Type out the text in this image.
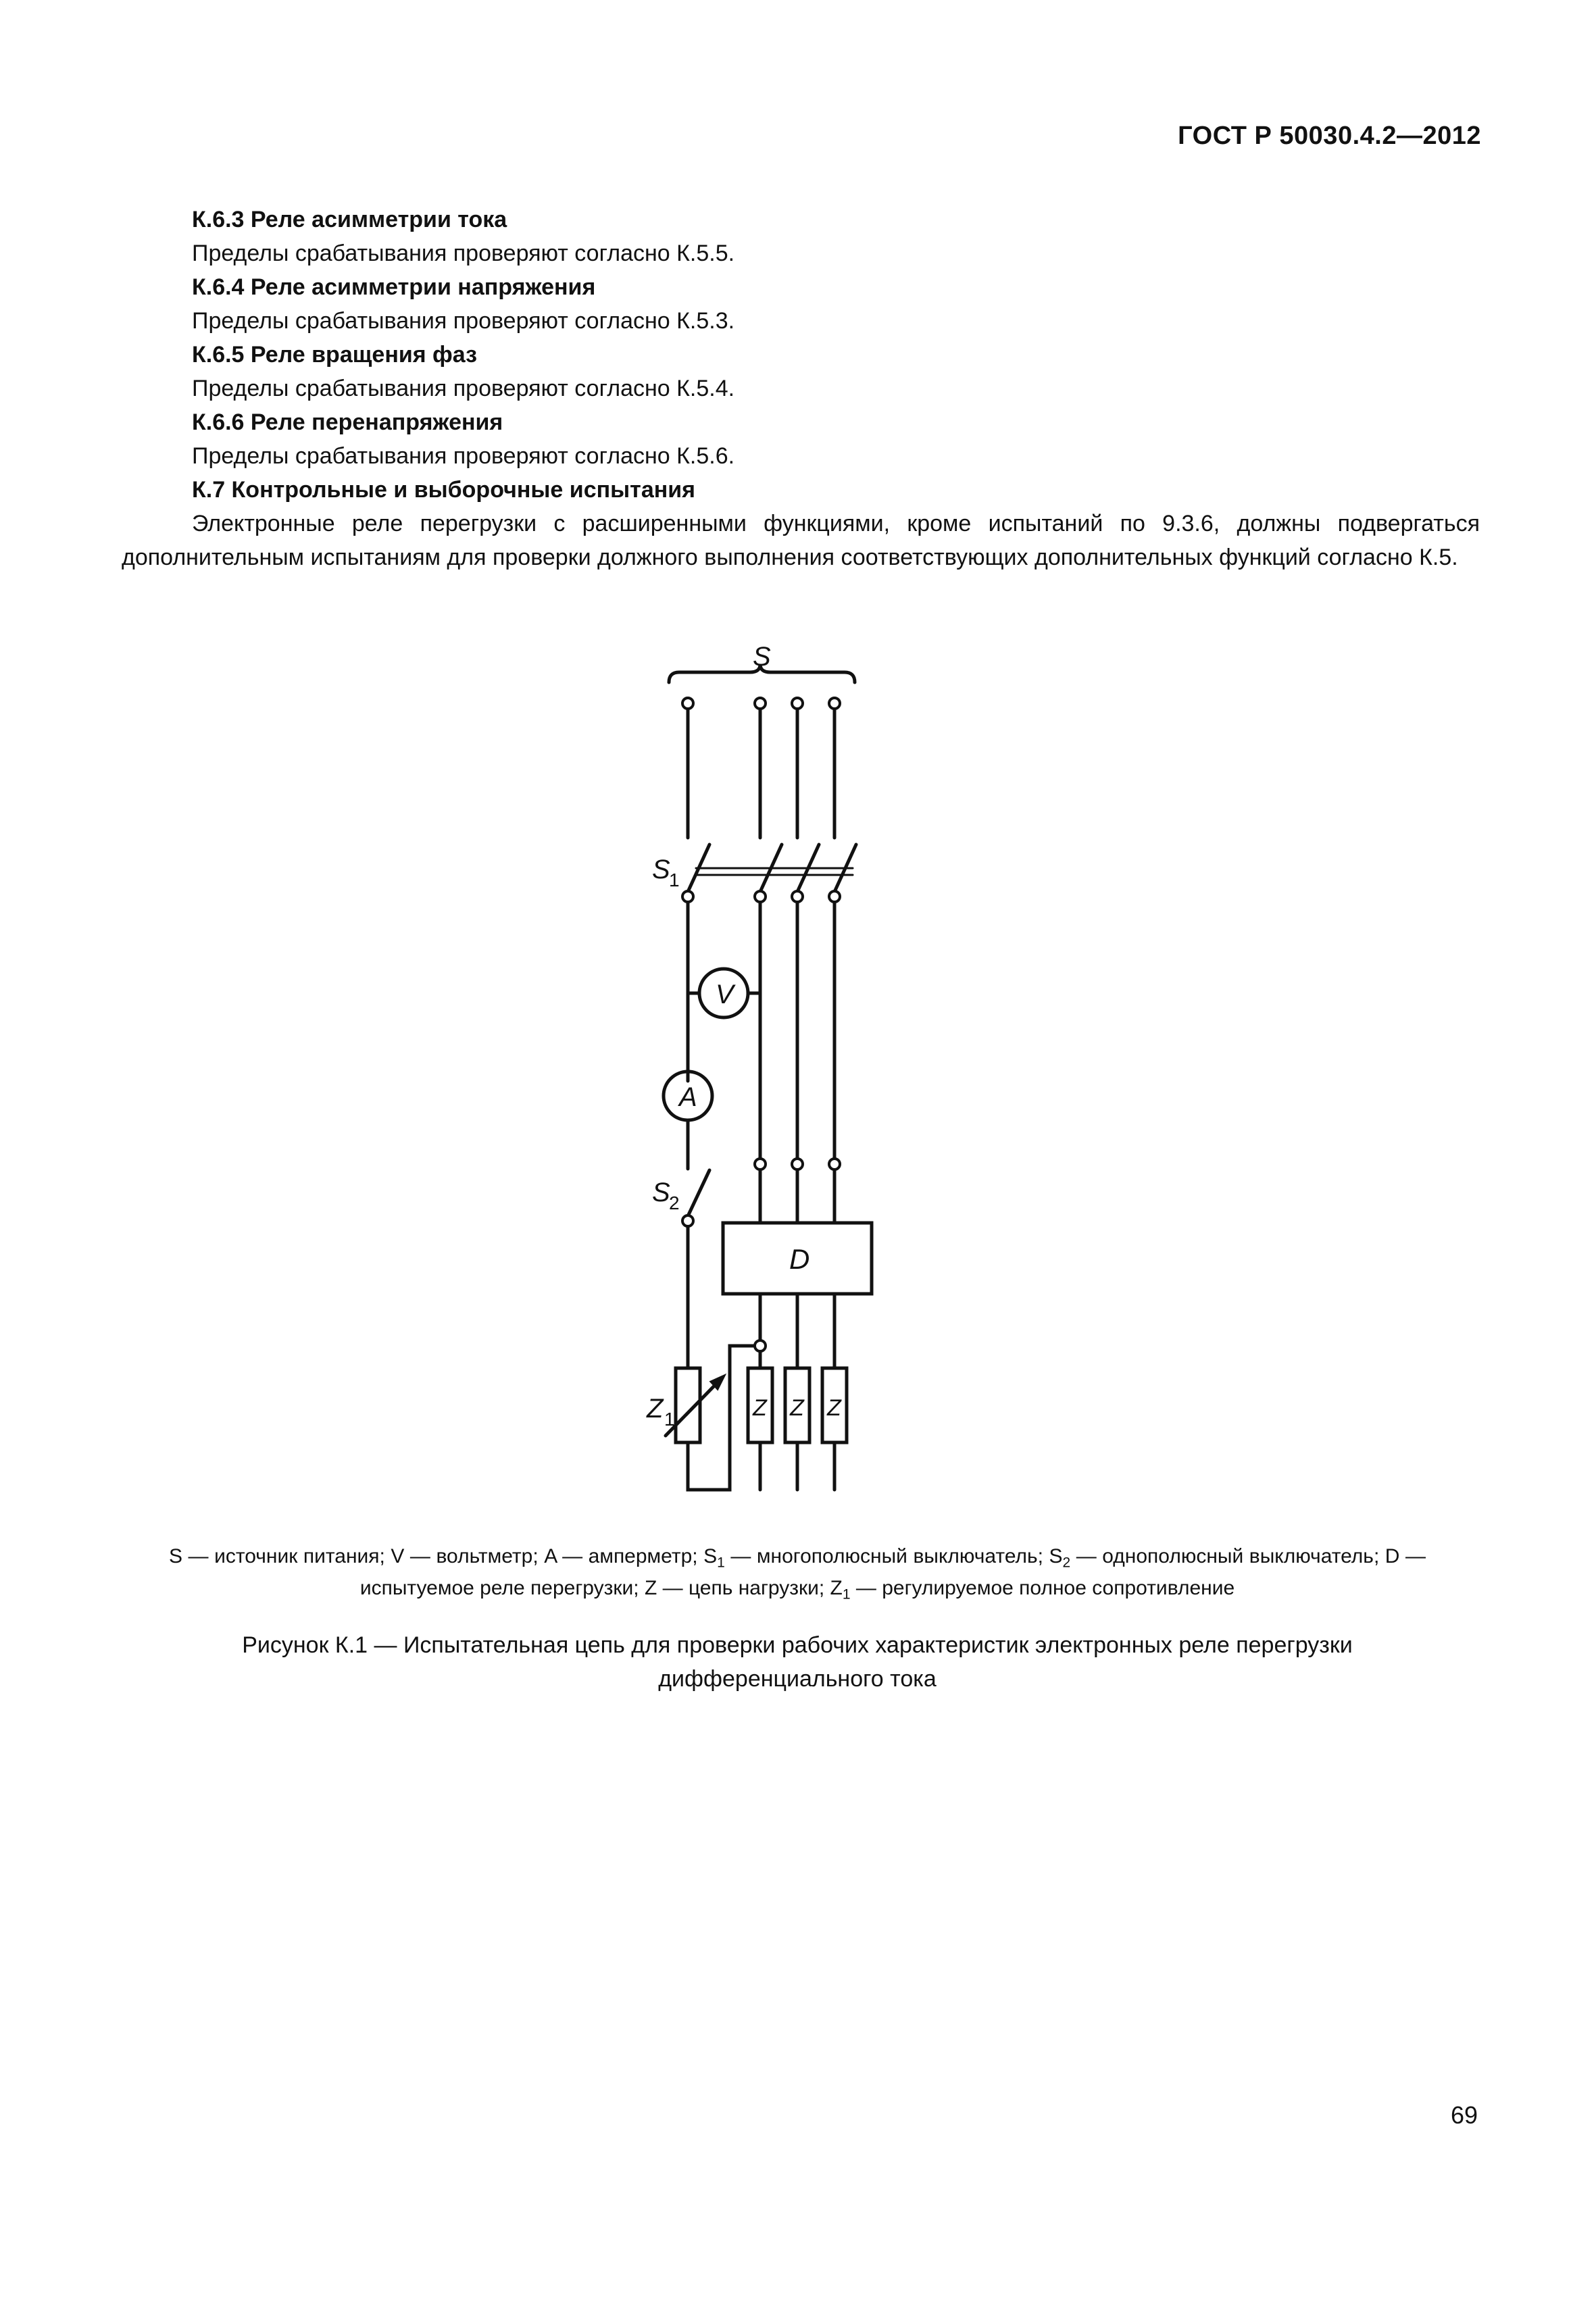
ГОСТ Р 50030.4.2—2012
К.6.3 Реле асимметрии тока
Пределы срабатывания проверяют согласно К.5.5.
К.6.4 Реле асимметрии напряжения
Пределы срабатывания проверяют согласно К.5.3.
К.6.5 Реле вращения фаз
Пределы срабатывания проверяют согласно К.5.4.
К.6.6 Реле перенапряжения
Пределы срабатывания проверяют согласно К.5.6.
К.7 Контрольные и выборочные испытания

Электронные реле перегрузки с расширенными функциями, кроме испытаний по 9.3.6, должны подвергаться дополнительным испытаниям для проверки должного выполнения соответствующих дополнительных функций согласно К.5.

S
S
1
V
A
S
2
D
Z 1	Z Z Z

S — источник питания; V — вольтметр; A — амперметр; $S_1$ — многополюсный выключатель; $S_2$ — однополюсный выключатель; D — испытуемое реле перегрузки; Z — цепь нагрузки; $Z_1$ — регулируемое полное сопротивление

Рисунок К.1 — Испытательная цепь для проверки рабочих характеристик электронных реле перегрузки дифференциального тока

69
